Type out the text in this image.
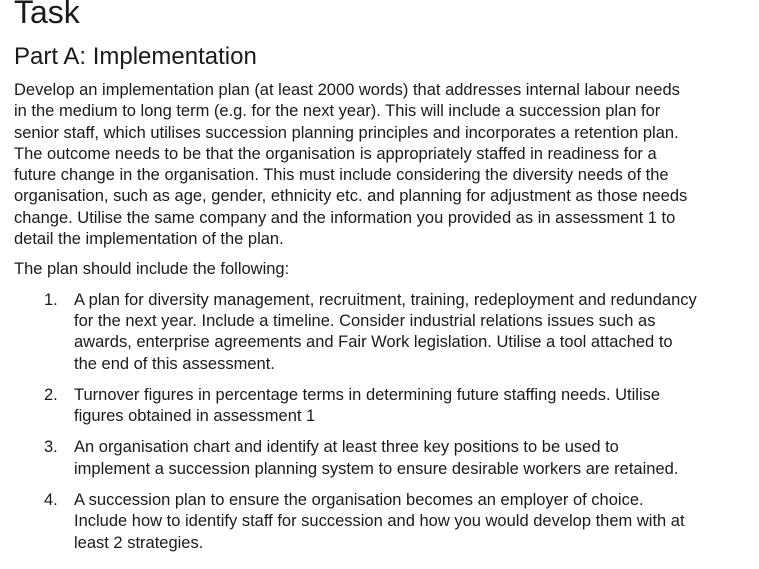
Task
Part A: Implementation

Develop an implementation plan (at least 2000 words) that addresses internal labour needs
in the medium to long term (e.g. for the next year). This will include a succession plan for
senior staff, which utilises succession planning principles and incorporates a retention plan.
The outcome needs to be that the organisation is appropriately staffed in readiness for a
future change in the organisation. This must include considering the diversity needs of the
organisation, such as age, gender, ethnicity etc. and planning for adjustment as those needs
change. Utilise the same company and the information you provided as in assessment 1 to
detail the implementation of the plan.

The plan should include the following:

1. A plan for diversity management, recruitment, training, redeployment and redundancy
for the next year. Include a timeline. Consider industrial relations issues such as
awards, enterprise agreements and Fair Work legislation. Utilise a tool attached to
the end of this assessment.
2. Turnover figures in percentage terms in determining future staffing needs. Utilise
figures obtained in assessment 1
3. An organisation chart and identify at least three key positions to be used to
implement a succession planning system to ensure desirable workers are retained.
4. A succession plan to ensure the organisation becomes an employer of choice.
Include how to identify staff for succession and how you would develop them with at
least 2 strategies.
